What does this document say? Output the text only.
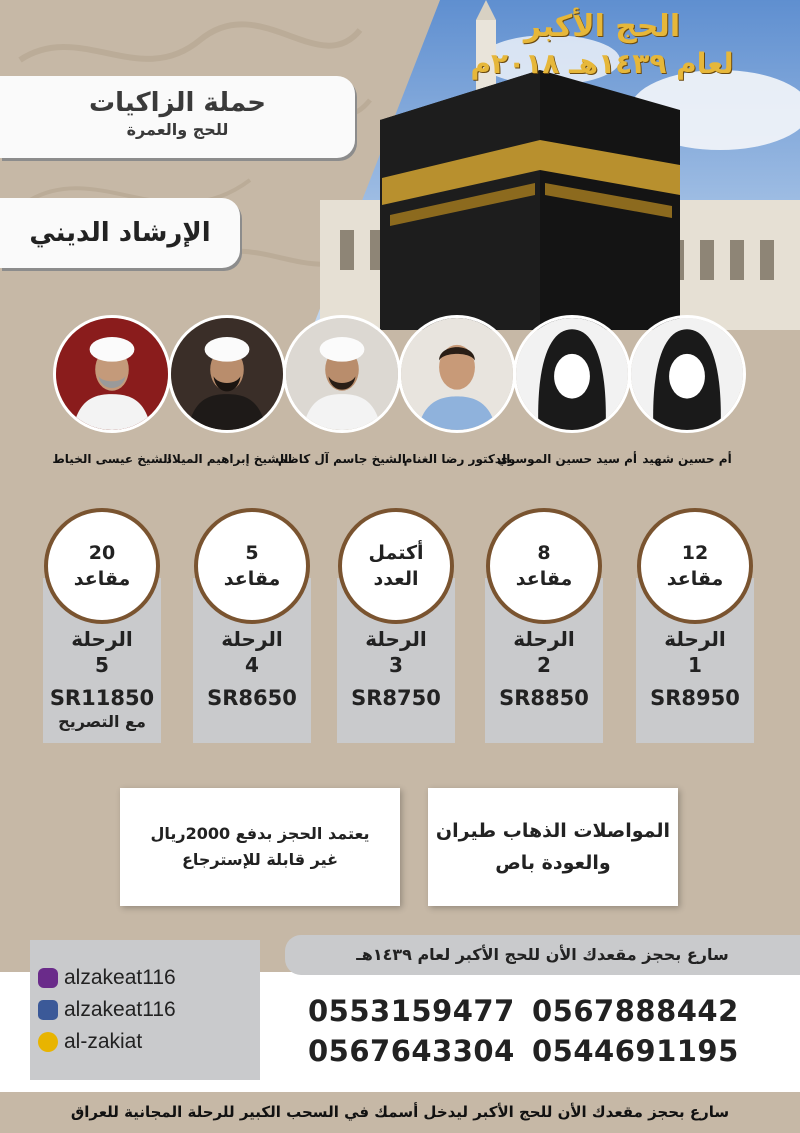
الحج الأكبر
لعام ١٤٣٩هـ ٢٠١٨م
حملة الزاكيات
للحج والعمرة
الإرشاد الديني
أم حسين شهيد
أم سيد حسين الموسوي
الدكتور رضا الغنام
الشيخ جاسم آل كاظم
الشيخ إبراهيم الميلاد
الشيخ عيسى الخياط
الرحلة
1
SR8950
الرحلة
2
SR8850
الرحلة
3
SR8750
الرحلة
4
SR8650
الرحلة
5
SR11850
مع التصريح
12
مقاعد
8
مقاعد
أكتمل
العدد
5
مقاعد
20
مقاعد
يعتمد الحجز بدفع 2000ريال
غير قابلة للإسترجاع
المواصلات الذهاب طيران
والعودة باص
سارع بحجز مقعدك الأن للحج الأكبر لعام ١٤٣٩هـ
alzakeat116
alzakeat116
al-zakiat
0567888442
0553159477
0544691195
0567643304
سارع بحجز مقعدك الأن للحج الأكبر ليدخل أسمك في السحب الكبير للرحلة المجانية للعراق
